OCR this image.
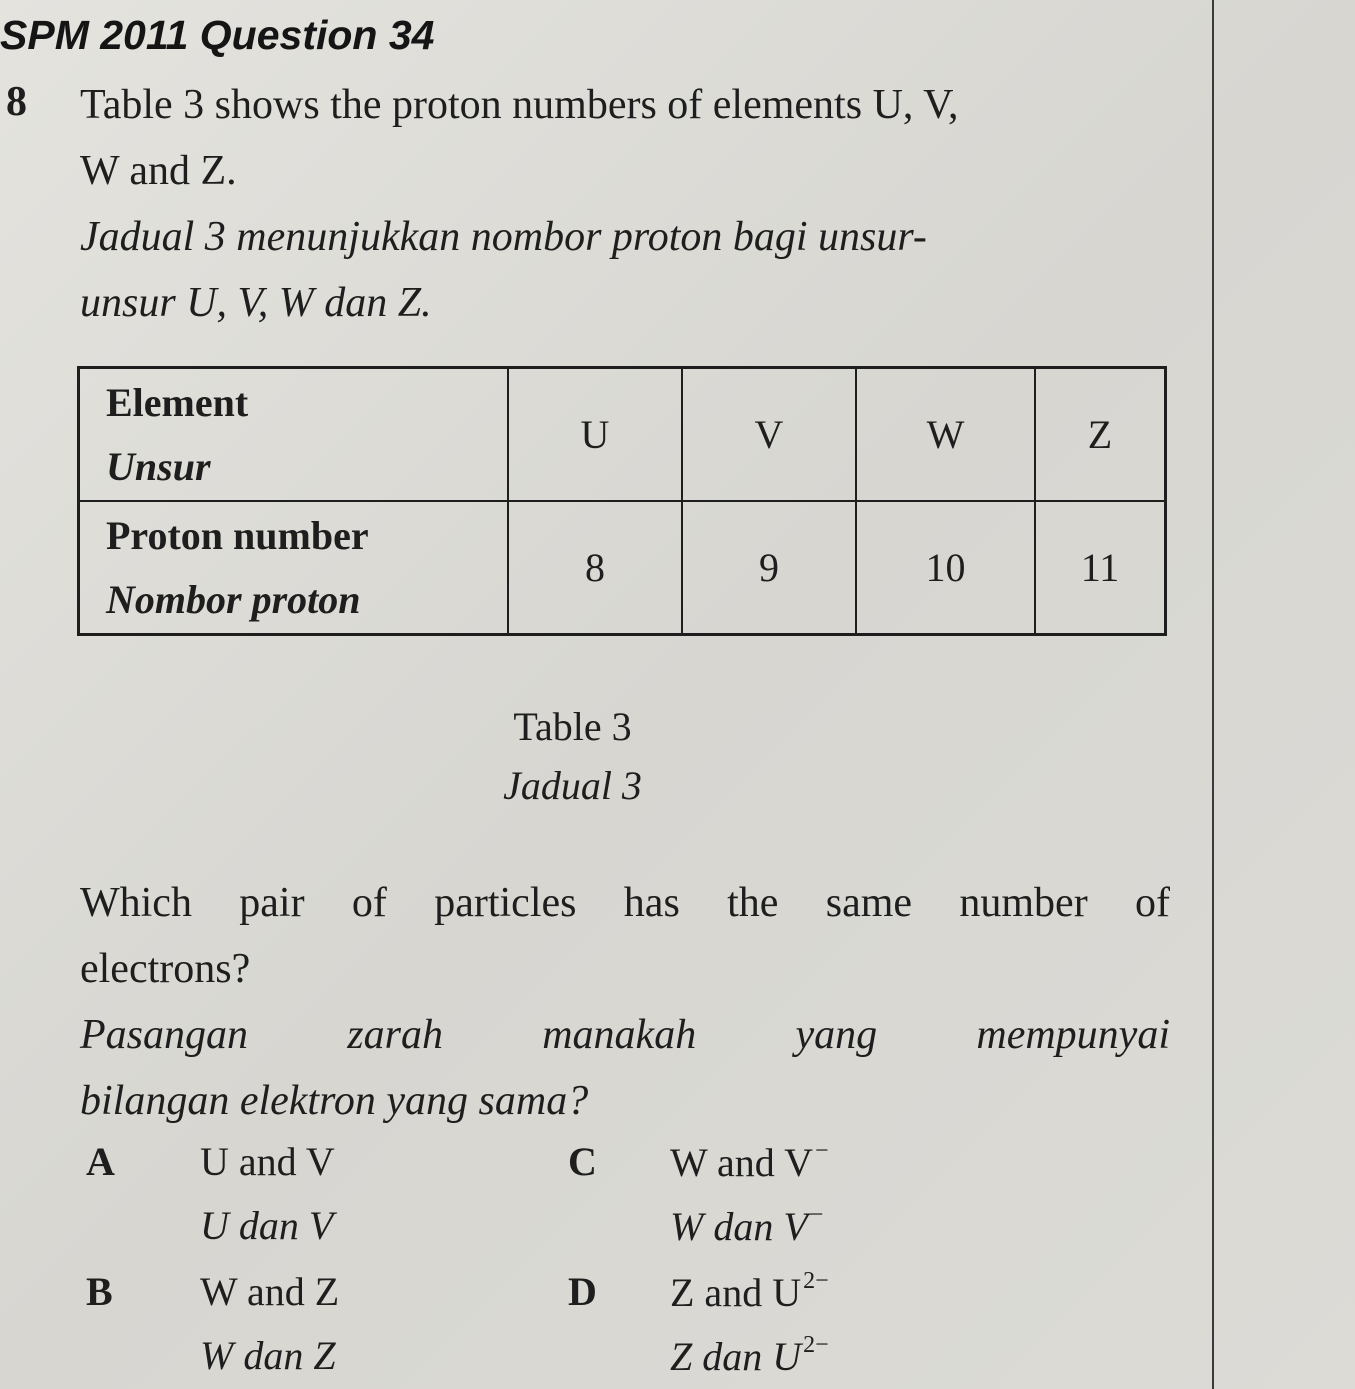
SPM 2011 Question 34
8 Table 3 shows the proton numbers of elements U, V,
W and Z.
Jadual 3 menunjukkan nombor proton bagi unsur-
unsur U, V, W dan Z.
Element
Unsur	U	V	W	Z

Proton number
Nombor proton	8	9	10	11
Table 3
Jadual 3
Which pair of particles has the same number of
electrons?
Pasangan zarah manakah yang mempunyai
bilangan elektron yang sama?
A U and V
U dan V
B W and Z
W dan Z
C W and V−
W dan V−
D Z and $U^{2-}$
Z dan $U^{2-}$
